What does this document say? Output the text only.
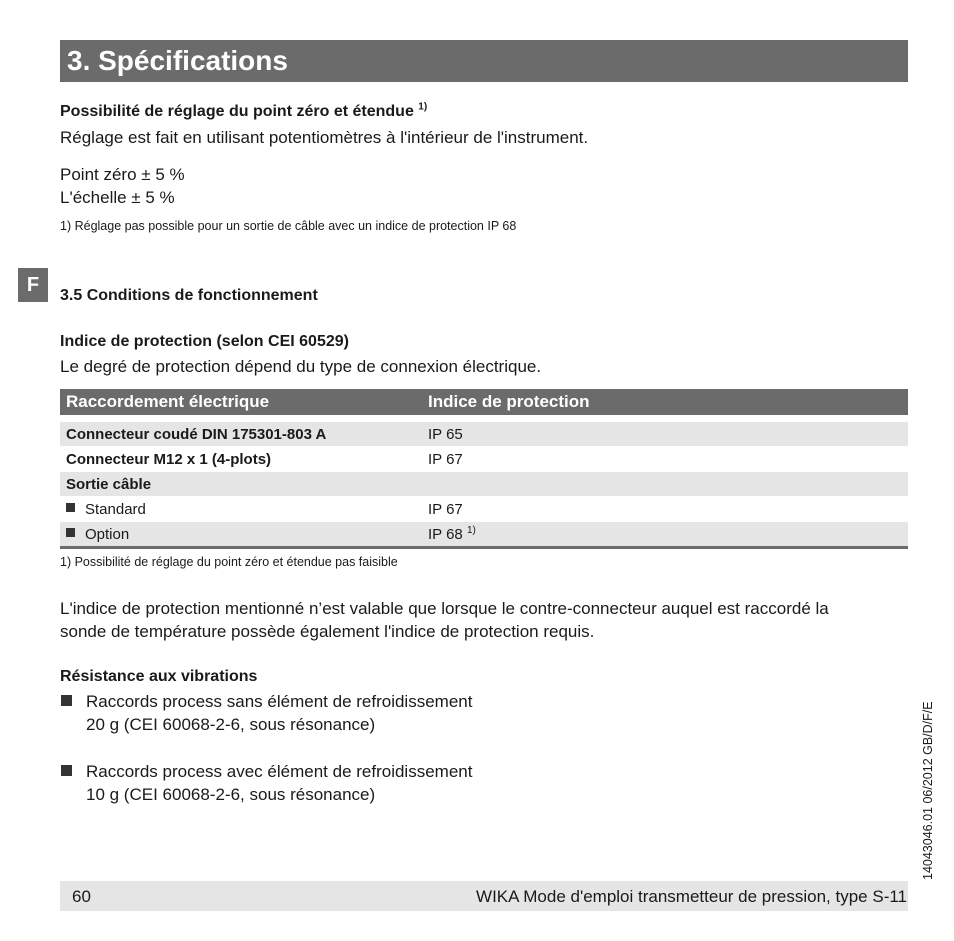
3. Spécifications
F
Possibilité de réglage du point zéro et étendue $^{1)}$
Réglage est fait en utilisant potentiomètres à l'intérieur de l'instrument.
Point zéro ± 5 %
L'échelle ± 5 %
1) Réglage pas possible pour un sortie de câble avec un indice de protection IP 68
3.5 Conditions de fonctionnement
Indice de protection (selon CEI 60529)
Le degré de protection dépend du type de connexion électrique.
Raccordement électrique	Indice de protection

Connecteur coudé DIN 175301-803 A	IP 65
Connecteur M12 x 1 (4-plots)	IP 67
Sortie câble	
Standard	IP 67
Option	IP 68 $^{1)}$
1) Possibilité de réglage du point zéro et étendue pas faisible
L'indice de protection mentionné n’est valable que lorsque le contre-connecteur auquel est raccordé la
sonde de température possède également l'indice de protection requis.
Résistance aux vibrations
Raccords process sans élément de refroidissement
20 g (CEI 60068-2-6, sous résonance)
Raccords process avec élément de refroidissement
10 g (CEI 60068-2-6, sous résonance)
60	WIKA Mode d'emploi transmetteur de pression, type S-11
14043046.01 06/2012 GB/D/F/E
